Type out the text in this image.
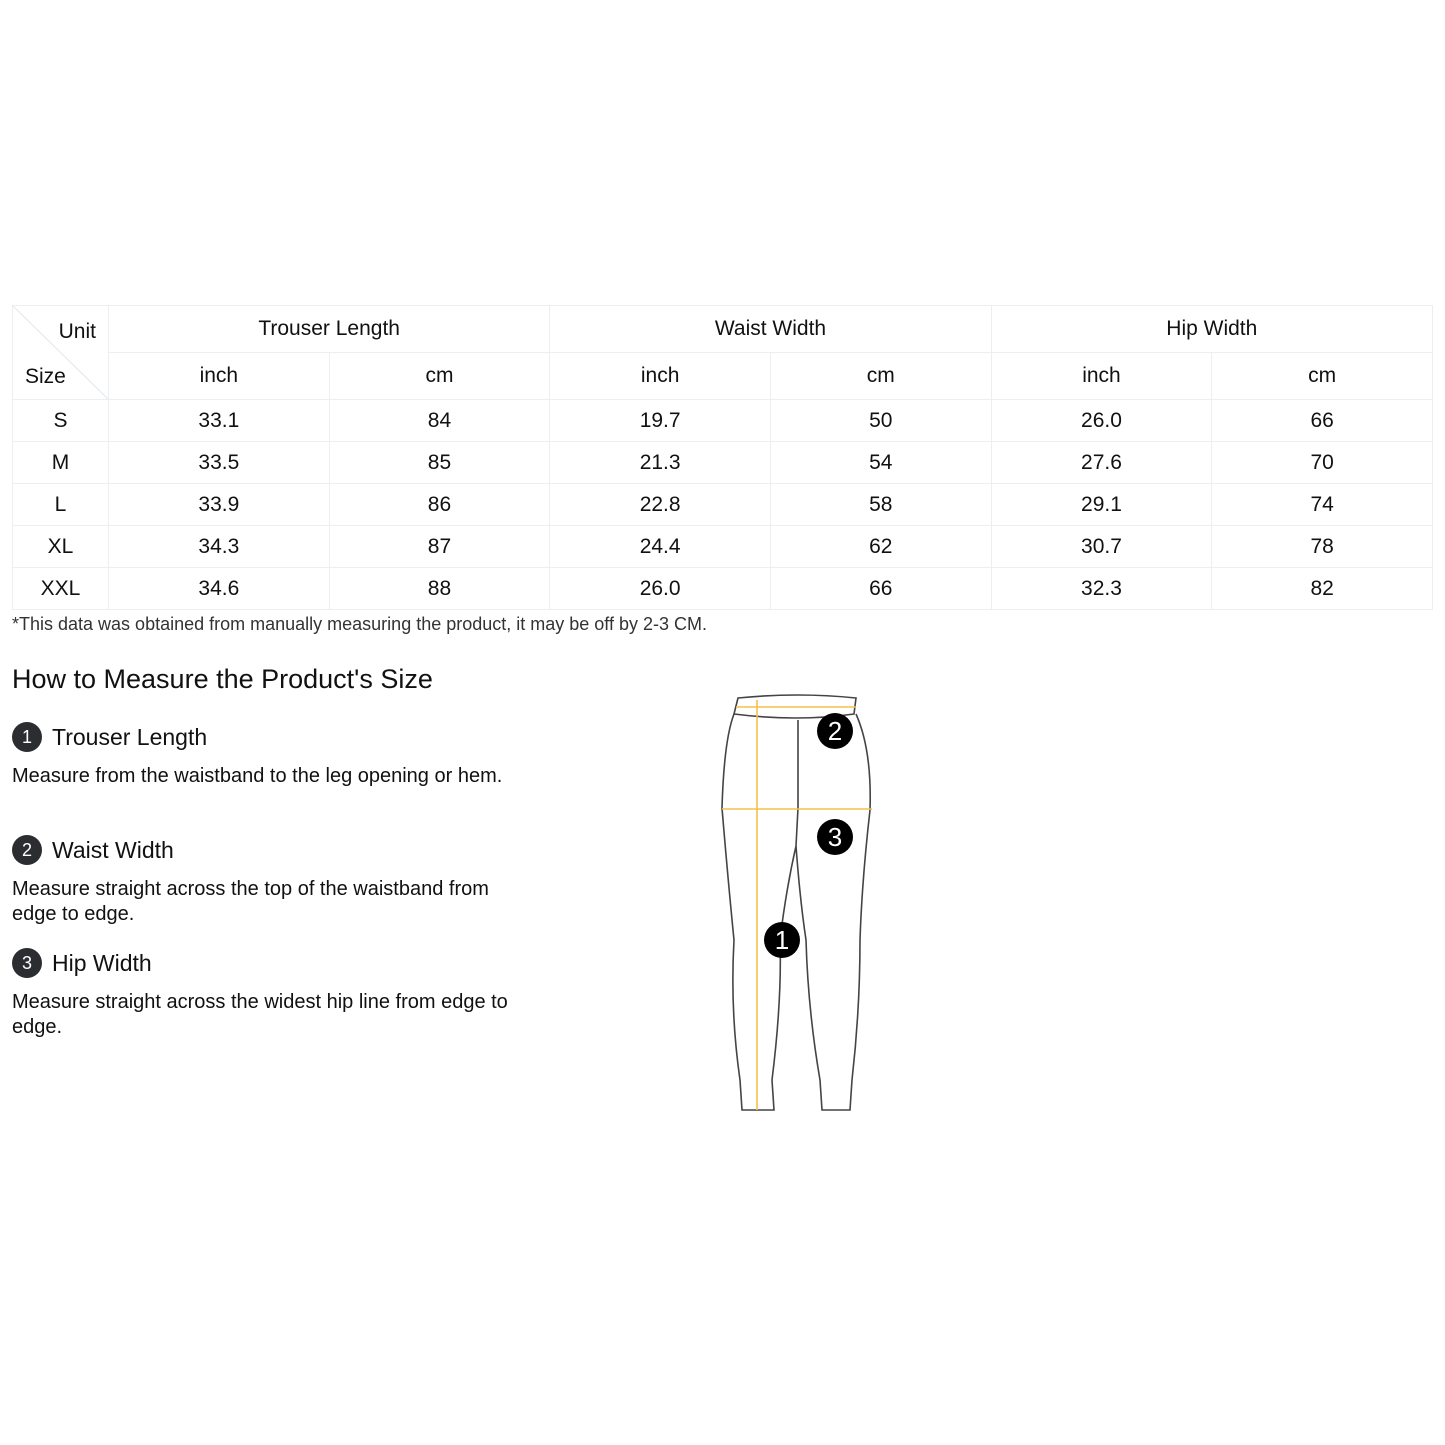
Unit
Size	Trouser Length		Waist Width		Hip Width	
	inch	cm	inch	cm	inch	cm
S	33.1	84	19.7	50	26.0	66
M	33.5	85	21.3	54	27.6	70
L	33.9	86	22.8	58	29.1	74
XL	34.3	87	24.4	62	30.7	78
XXL	34.6	88	26.0	66	32.3	82
*This data was obtained from manually measuring the product, it may be off by 2-3 CM.
How to Measure the Product's Size
1 Trouser Length
Measure from the waistband to the leg opening or hem.
2 Waist Width
Measure straight across the top of the waistband from edge to edge.
3 Hip Width
Measure straight across the widest hip line from edge to edge.
2
3
1
